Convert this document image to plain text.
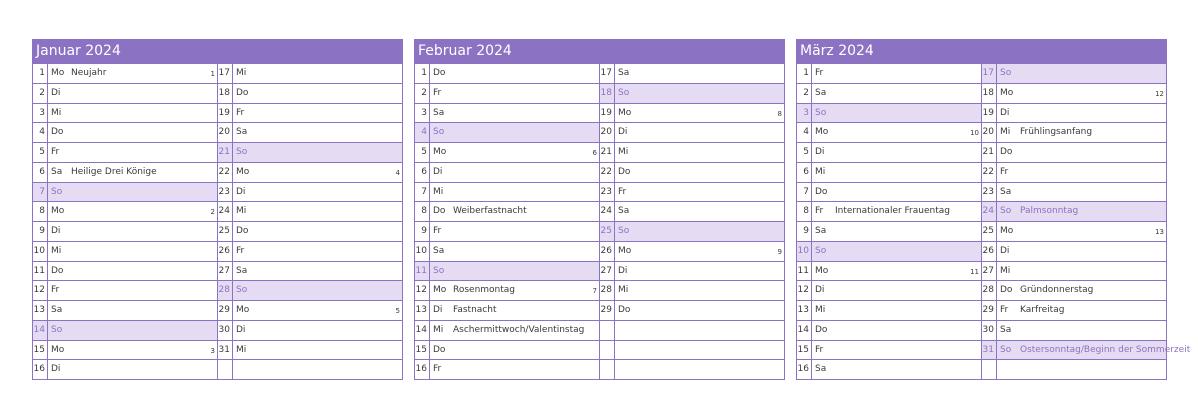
Januar 2024
1 Mo Neujahr	1
2 Di
3 Mi
4 Do
5 Fr
6 Sa Heilige Drei Könige
7 So
8 Mo	2
9 Di
10 Mi
11 Do
12 Fr
13 Sa
14 So
15 Mo	3
16 Di
17 Mi
18 Do
19 Fr
20 Sa
21 So
22 Mo	4
23 Di
24 Mi
25 Do
26 Fr
27 Sa
28 So
29 Mo	5
30 Di
31 Mi
Februar 2024
1 Do
2 Fr
3 Sa
4 So
5 Mo	6
6 Di
7 Mi
8 Do Weiberfastnacht
9 Fr
10 Sa
11 So
12 Mo Rosenmontag	7
13 Di Fastnacht
14 Mi Aschermittwoch/Valentinstag
15 Do
16 Fr
17 Sa
18 So
19 Mo	8
20 Di
21 Mi
22 Do
23 Fr
24 Sa
25 So
26 Mo	9
27 Di
28 Mi
29 Do
März 2024
1 Fr
2 Sa
3 So
4 Mo	10
5 Di
6 Mi
7 Do
8 Fr Internationaler Frauentag
9 Sa
10 So
11 Mo	11
12 Di
13 Mi
14 Do
15 Fr
16 Sa
17 So
18 Mo	12
19 Di
20 Mi Frühlingsanfang
21 Do
22 Fr
23 Sa
24 So Palmsonntag
25 Mo	13
26 Di
27 Mi
28 Do Gründonnerstag
29 Fr Karfreitag
30 Sa
31 So Ostersonntag/Beginn der Sommerzeit
